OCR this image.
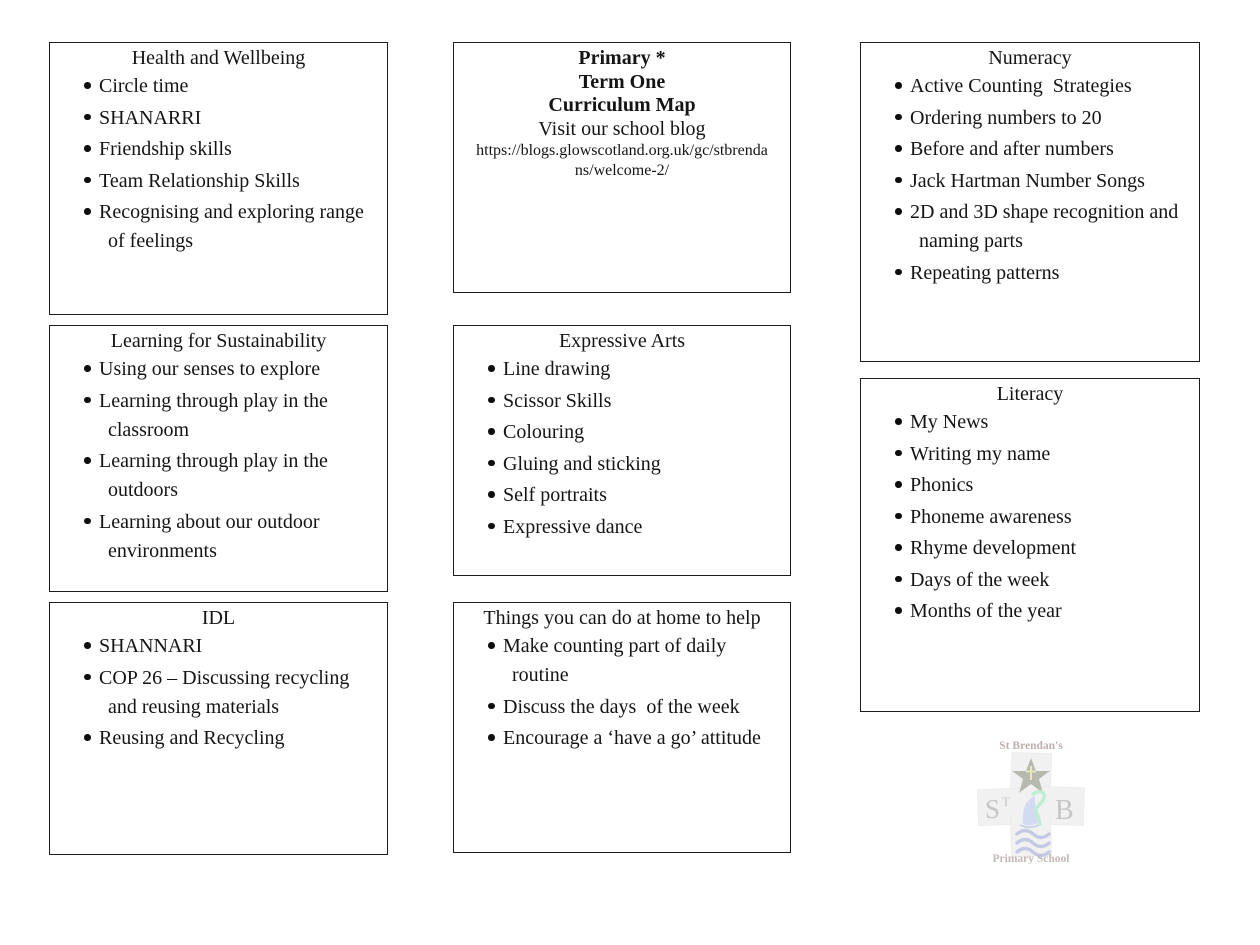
Health and Wellbeing
Circle time
SHANARRI
Friendship skills
Team Relationship Skills
Recognising and exploring range
of feelings
Primary *
Term One
Curriculum Map
Visit our school blog
https://blogs.glowscotland.org.uk/gc/stbrenda
ns/welcome-2/
Numeracy
Active Counting  Strategies
Ordering numbers to 20
Before and after numbers
Jack Hartman Number Songs
2D and 3D shape recognition and
naming parts
Repeating patterns
Learning for Sustainability
Using our senses to explore
Learning through play in the
classroom
Learning through play in the
outdoors
Learning about our outdoor
environments
Expressive Arts
Line drawing
Scissor Skills
Colouring
Gluing and sticking
Self portraits
Expressive dance
Literacy
My News
Writing my name
Phonics
Phoneme awareness
Rhyme development
Days of the week
Months of the year
IDL
SHANNARI
COP 26 – Discussing recycling
and reusing materials
Reusing and Recycling
Things you can do at home to help
Make counting part of daily
routine
Discuss the days  of the week
Encourage a ‘have a go’ attitude	St Brendan's
S T B
Primary School
